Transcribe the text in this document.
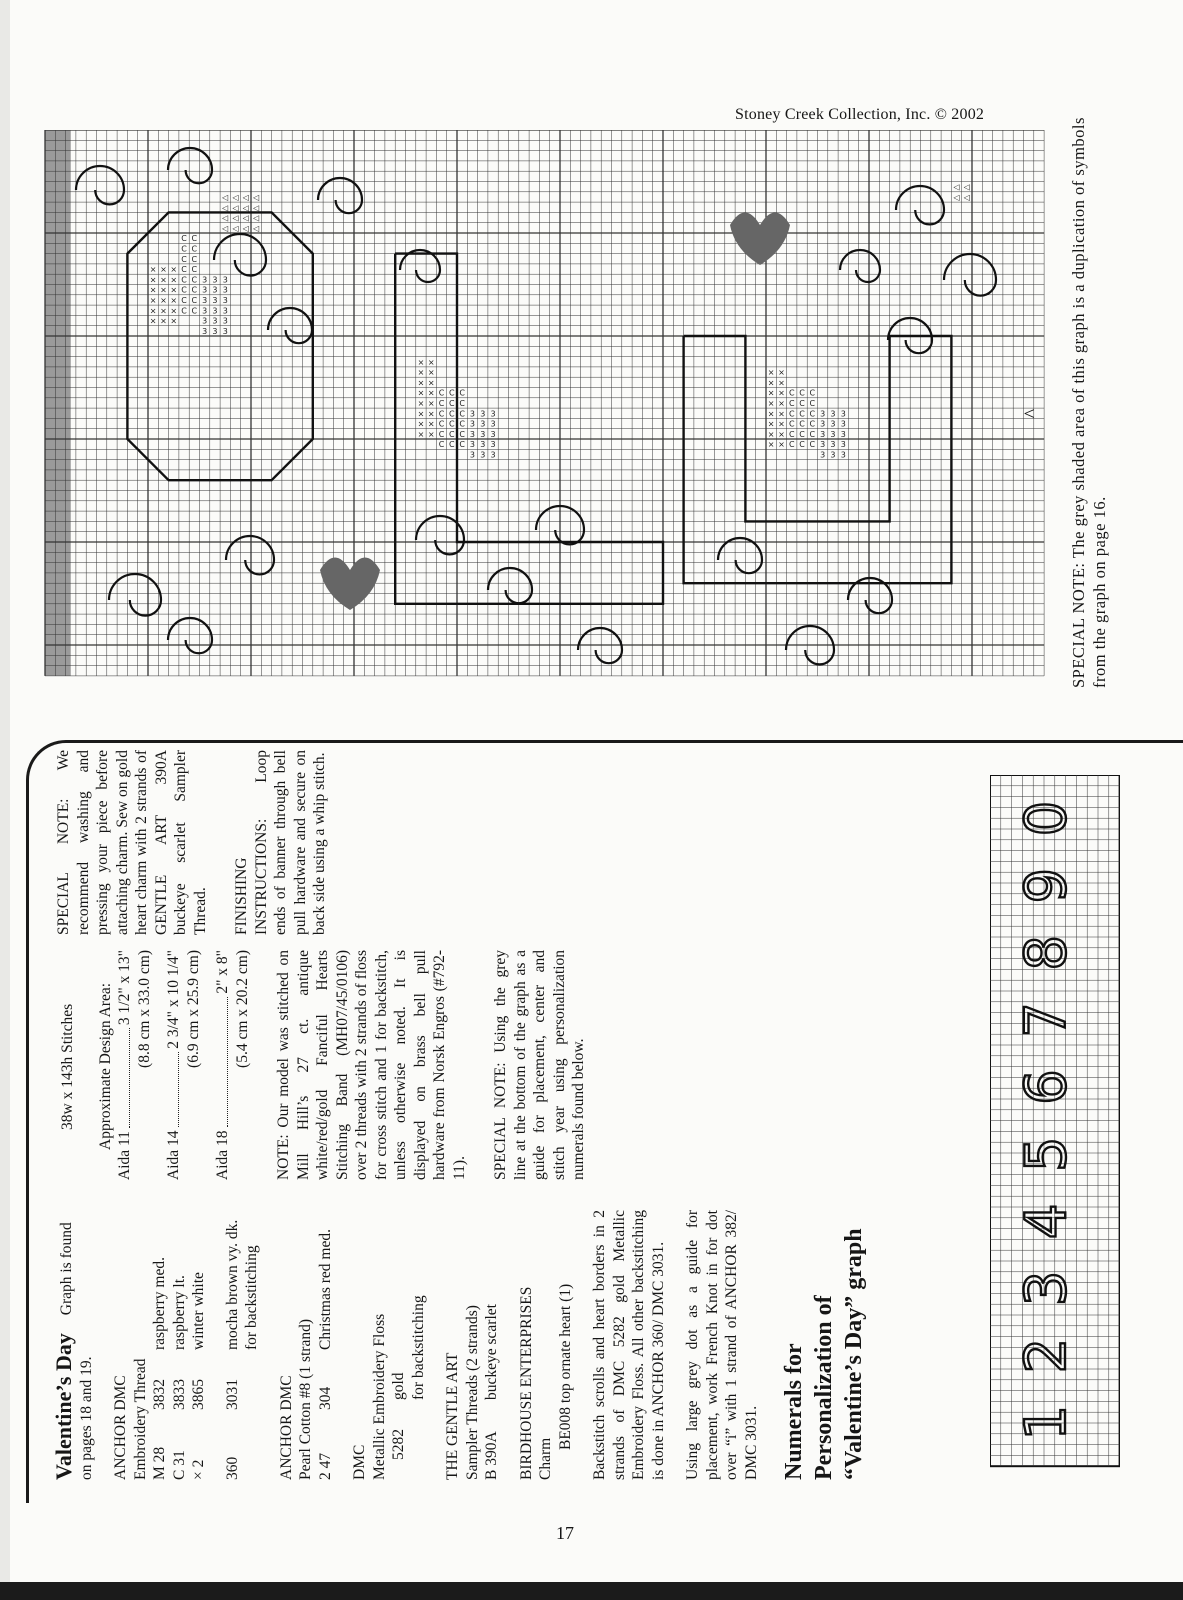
Stoney Creek Collection, Inc. © 2002
×
×
×
×
×
×
×
×
×
×
×
×
×
×
×
×
×
×
C
C
C
C
C
C
C
C
C
C
C
C
C
C
C
C
3
3
3
3
3
3
3
3
3
3
3
3
3
3
3
3
3
3
C
C
C
C
C
C
C
C
C
C
C
C
C
C
C
C
C
C
3
3
3
3
3
3
3
3
3
3
3
3
3
3
3
×
×
×
×
×
×
×
×
×
×
×
×
×
×
×
×
C
C
C
C
C
C
C
C
C
C
C
C
C
C
C
C
C
C
3
3
3
3
3
3
3
3
3
3
3
3
3
3
3
×
×
×
×
×
×
×
×
×
×
×
×
×
×
×
×
◁
◁
◁
◁
◁
◁
◁
◁
◁
◁
◁
◁
◁
◁
◁
◁
◁
◁
◁
◁
^ SPECIAL NOTE: The grey shaded area of this graph is a duplication of symbols from the graph on page 16.
Valentine’s Day Graph is found on pages 18 and 19. ANCHOR DMC Embroidery Thread M 28
3832
raspberry med.
C 31
3833
raspberry lt.
× 2
3865
winter white
360
3031
mocha brown vy. dk. for backstitching
ANCHOR DMC Pearl Cotton #8 (1 strand) 2 47
304
Christmas red med.
DMC Metallic Embroidery Floss 5282
gold for backstitching
THE GENTLE ART Sampler Threads (2 strands) B 390Abuckeye scarlet BIRDHOUSE ENTERPRISES Charm
BE008 top ornate heart (1) Backstitch scrolls and heart borders in 2 strands of DMC 5282 gold Metallic Embroidery Floss. All other backstitching is done in ANCHOR 360/ DMC 3031. Using large grey dot as a guide for placement, work French Knot in for dot over “i” with 1 strand of ANCHOR 382/ DMC 3031. Numerals for Personalization of “Valentine’s Day” graph
38w x 143h Stitches Approximate Design Area:
Aida 11
3 1/2" x 13" (8.8 cm x 33.0 cm)
Aida 14
2 3/4" x 10 1/4" (6.9 cm x 25.9 cm)
Aida 18
2" x 8" (5.4 cm x 20.2 cm) NOTE: Our model was stitched on Mill Hill’s 27 ct. antique white/red/gold Fanciful Hearts Stitching Band (MH07/45/0106) over 2 threads with 2 strands of floss for cross stitch and 1 for backstitch, unless otherwise noted. It is displayed on brass bell pull hardware from Norsk Engros (#792-11). SPECIAL NOTE: Using the grey line at the bottom of the graph as a guide for placement, center and stitch year using personalization numerals found below.
SPECIAL NOTE: We recommend washing and pressing your piece before attaching charm. Sew on gold heart charm with 2 strands of GENTLE ART 390A buckeye scarlet Sampler Thread. FINISHING INSTRUCTIONS: Loop ends of banner through bell pull hardware and secure on back side using a whip stitch.
1
2
3
4
5
6
7
8
9
0
17
